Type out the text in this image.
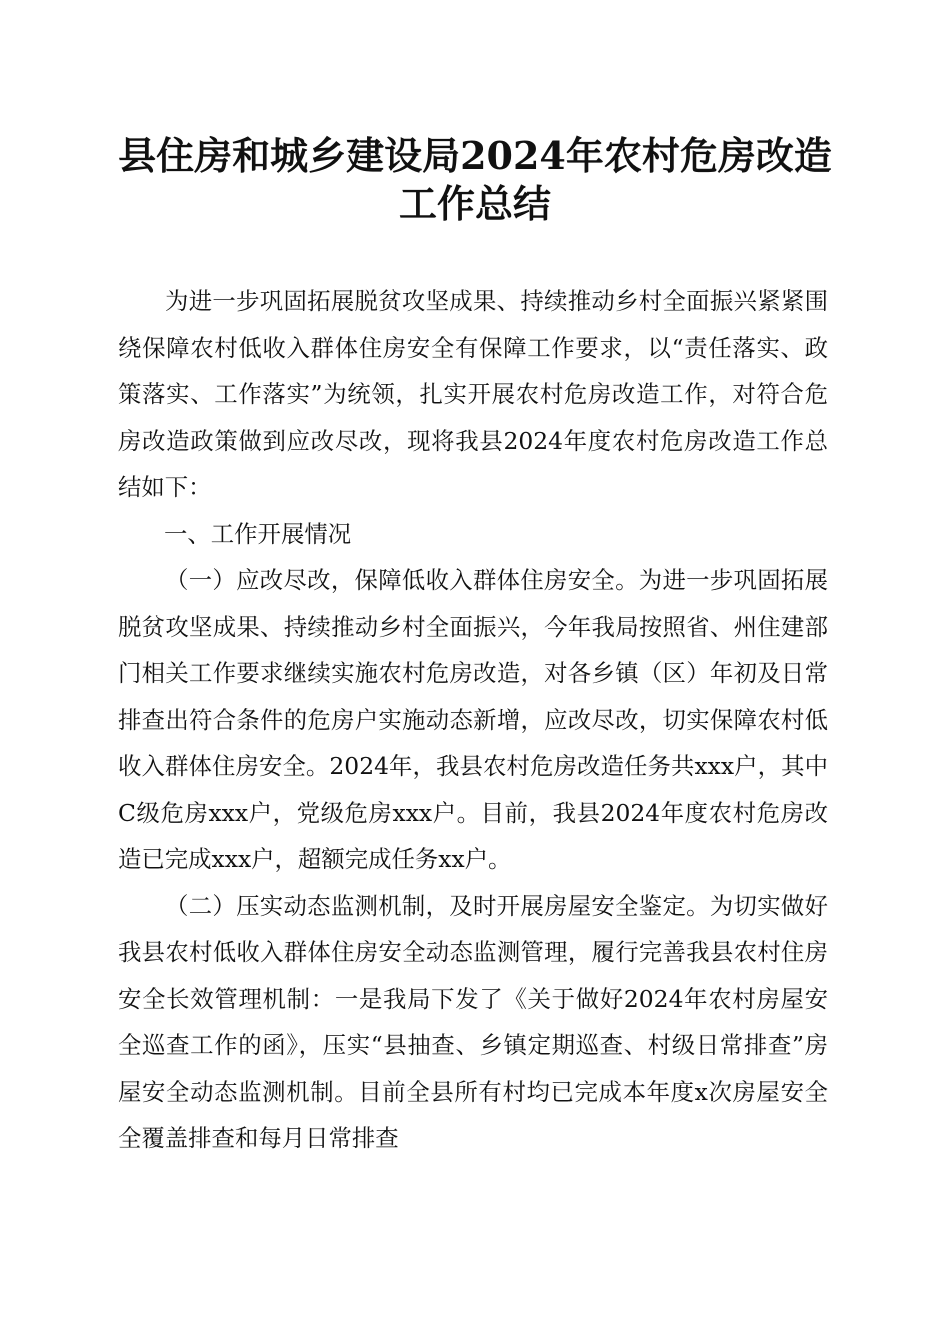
县住房和城乡建设局2024年农村危房改造工作总结

为进一步巩固拓展脱贫攻坚成果、持续推动乡村全面振兴紧紧围绕保障农村低收入群体住房安全有保障工作要求，以“责任落实、政策落实、工作落实”为统领，扎实开展农村危房改造工作，对符合危房改造政策做到应改尽改，现将我县2024年度农村危房改造工作总结如下：

一、工作开展情况

（一）应改尽改，保障低收入群体住房安全。为进一步巩固拓展脱贫攻坚成果、持续推动乡村全面振兴，今年我局按照省、州住建部门相关工作要求继续实施农村危房改造，对各乡镇（区）年初及日常排查出符合条件的危房户实施动态新增，应改尽改，切实保障农村低收入群体住房安全。2024年，我县农村危房改造任务共xxx户，其中C级危房xxx户，党级危房xxx户。目前，我县2024年度农村危房改造已完成xxx户，超额完成任务xx户。

（二）压实动态监测机制，及时开展房屋安全鉴定。为切实做好我县农村低收入群体住房安全动态监测管理，履行完善我县农村住房安全长效管理机制：一是我局下发了《关于做好2024年农村房屋安全巡查工作的函》，压实“县抽查、乡镇定期巡查、村级日常排查”房屋安全动态监测机制。目前全县所有村均已完成本年度x次房屋安全全覆盖排查和每月日常排查
